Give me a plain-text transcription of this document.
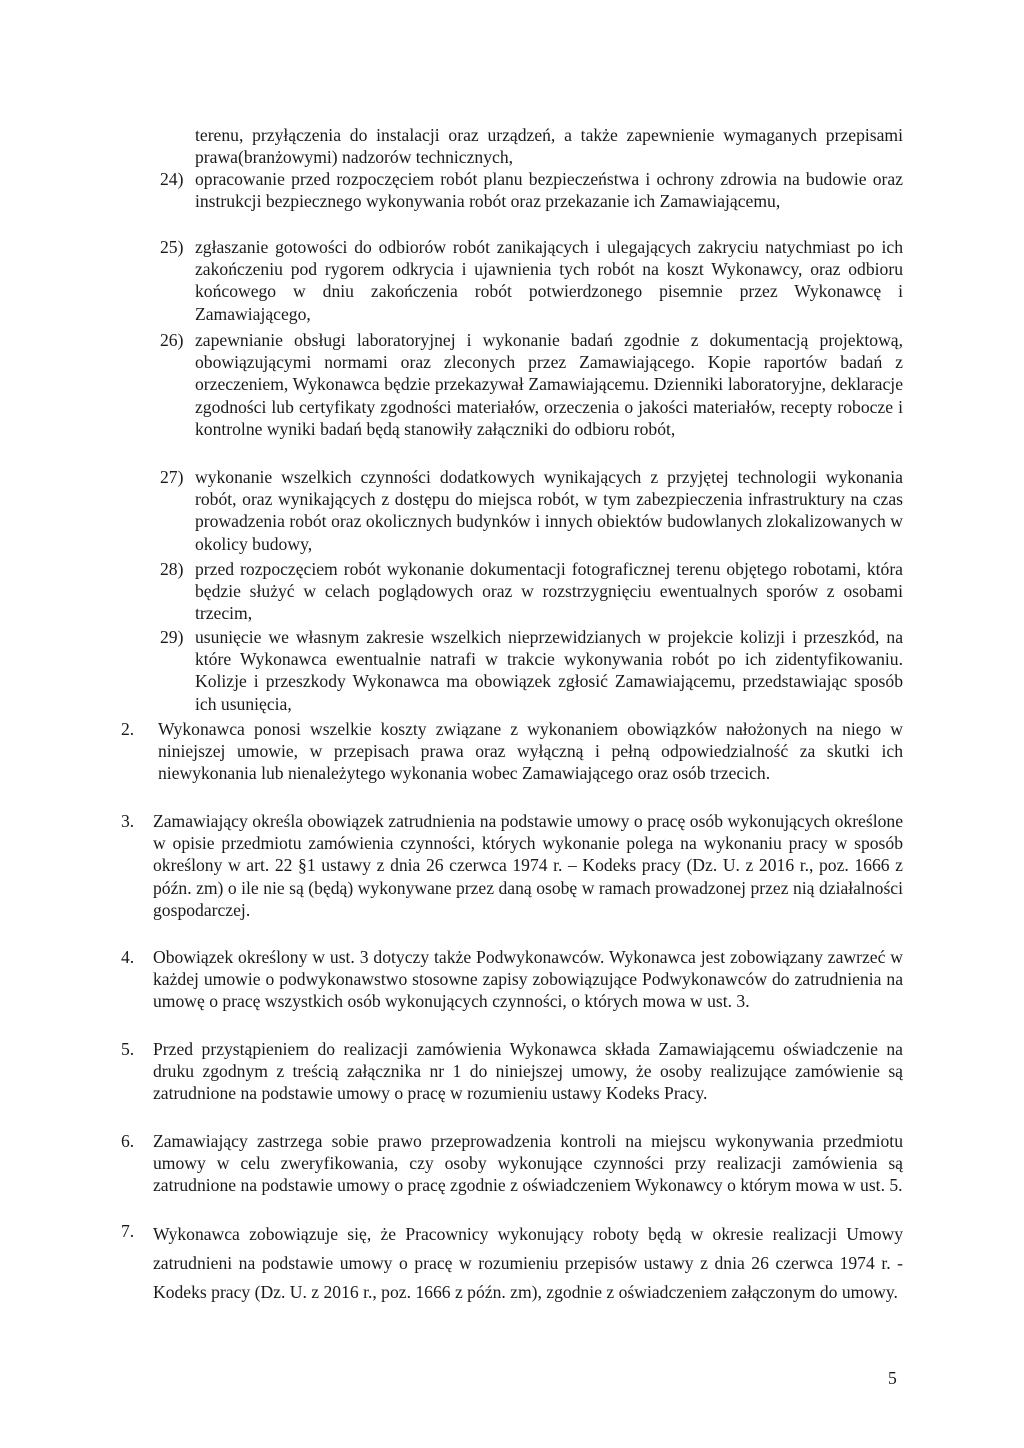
terenu, przyłączenia do instalacji oraz urządzeń, a także zapewnienie wymaganych przepisami prawa(branżowymi) nadzorów technicznych,
24) opracowanie przed rozpoczęciem robót planu bezpieczeństwa i ochrony zdrowia na budowie oraz instrukcji bezpiecznego wykonywania robót oraz przekazanie ich Zamawiającemu,
25) zgłaszanie gotowości do odbiorów robót zanikających i ulegających zakryciu natychmiast po ich zakończeniu pod rygorem odkrycia i ujawnienia tych robót na koszt Wykonawcy, oraz odbioru końcowego w dniu zakończenia robót potwierdzonego pisemnie przez Wykonawcę i Zamawiającego,
26) zapewnianie obsługi laboratoryjnej i wykonanie badań zgodnie z dokumentacją projektową, obowiązującymi normami oraz zleconych przez Zamawiającego. Kopie raportów badań z orzeczeniem, Wykonawca będzie przekazywał Zamawiającemu. Dzienniki laboratoryjne, deklaracje zgodności lub certyfikaty zgodności materiałów, orzeczenia o jakości materiałów, recepty robocze i kontrolne wyniki badań będą stanowiły załączniki do odbioru robót,
27) wykonanie wszelkich czynności dodatkowych wynikających z przyjętej technologii wykonania robót, oraz wynikających z dostępu do miejsca robót, w tym zabezpieczenia infrastruktury na czas prowadzenia robót oraz okolicznych budynków i innych obiektów budowlanych zlokalizowanych w okolicy budowy,
28) przed rozpoczęciem robót wykonanie dokumentacji fotograficznej terenu objętego robotami, która będzie służyć w celach poglądowych oraz w rozstrzygnięciu ewentualnych sporów z osobami trzecim,
29) usunięcie we własnym zakresie wszelkich nieprzewidzianych w projekcie kolizji i przeszkód, na które Wykonawca ewentualnie natrafi w trakcie wykonywania robót po ich zidentyfikowaniu. Kolizje i przeszkody Wykonawca ma obowiązek zgłosić Zamawiającemu, przedstawiając sposób ich usunięcia,
2. Wykonawca ponosi wszelkie koszty związane z wykonaniem obowiązków nałożonych na niego w niniejszej umowie, w przepisach prawa oraz wyłączną i pełną odpowiedzialność za skutki ich niewykonania lub nienależytego wykonania wobec Zamawiającego oraz osób trzecich.
3. Zamawiający określa obowiązek zatrudnienia na podstawie umowy o pracę osób wykonujących określone w opisie przedmiotu zamówienia czynności, których wykonanie polega na wykonaniu pracy w sposób określony w art. 22 §1 ustawy z dnia 26 czerwca 1974 r. – Kodeks pracy (Dz. U. z 2016 r., poz. 1666 z późn. zm) o ile nie są (będą) wykonywane przez daną osobę w ramach prowadzonej przez nią działalności gospodarczej.
4. Obowiązek określony w ust. 3 dotyczy także Podwykonawców. Wykonawca jest zobowiązany zawrzeć w każdej umowie o podwykonawstwo stosowne zapisy zobowiązujące Podwykonawców do zatrudnienia na umowę o pracę wszystkich osób wykonujących czynności, o których mowa w ust. 3.
5. Przed przystąpieniem do realizacji zamówienia Wykonawca składa Zamawiającemu oświadczenie na druku zgodnym z treścią załącznika nr 1 do niniejszej umowy, że osoby realizujące zamówienie są zatrudnione na podstawie umowy o pracę w rozumieniu ustawy Kodeks Pracy.
6. Zamawiający zastrzega sobie prawo przeprowadzenia kontroli na miejscu wykonywania przedmiotu umowy w celu zweryfikowania, czy osoby wykonujące czynności przy realizacji zamówienia są zatrudnione na podstawie umowy o pracę zgodnie z oświadczeniem Wykonawcy o którym mowa w ust. 5.
7. Wykonawca zobowiązuje się, że Pracownicy wykonujący roboty będą w okresie realizacji Umowy zatrudnieni na podstawie umowy o pracę w rozumieniu przepisów ustawy z dnia 26 czerwca 1974 r. - Kodeks pracy (Dz. U. z 2016 r., poz. 1666 z późn. zm), zgodnie z oświadczeniem załączonym do umowy.
5
